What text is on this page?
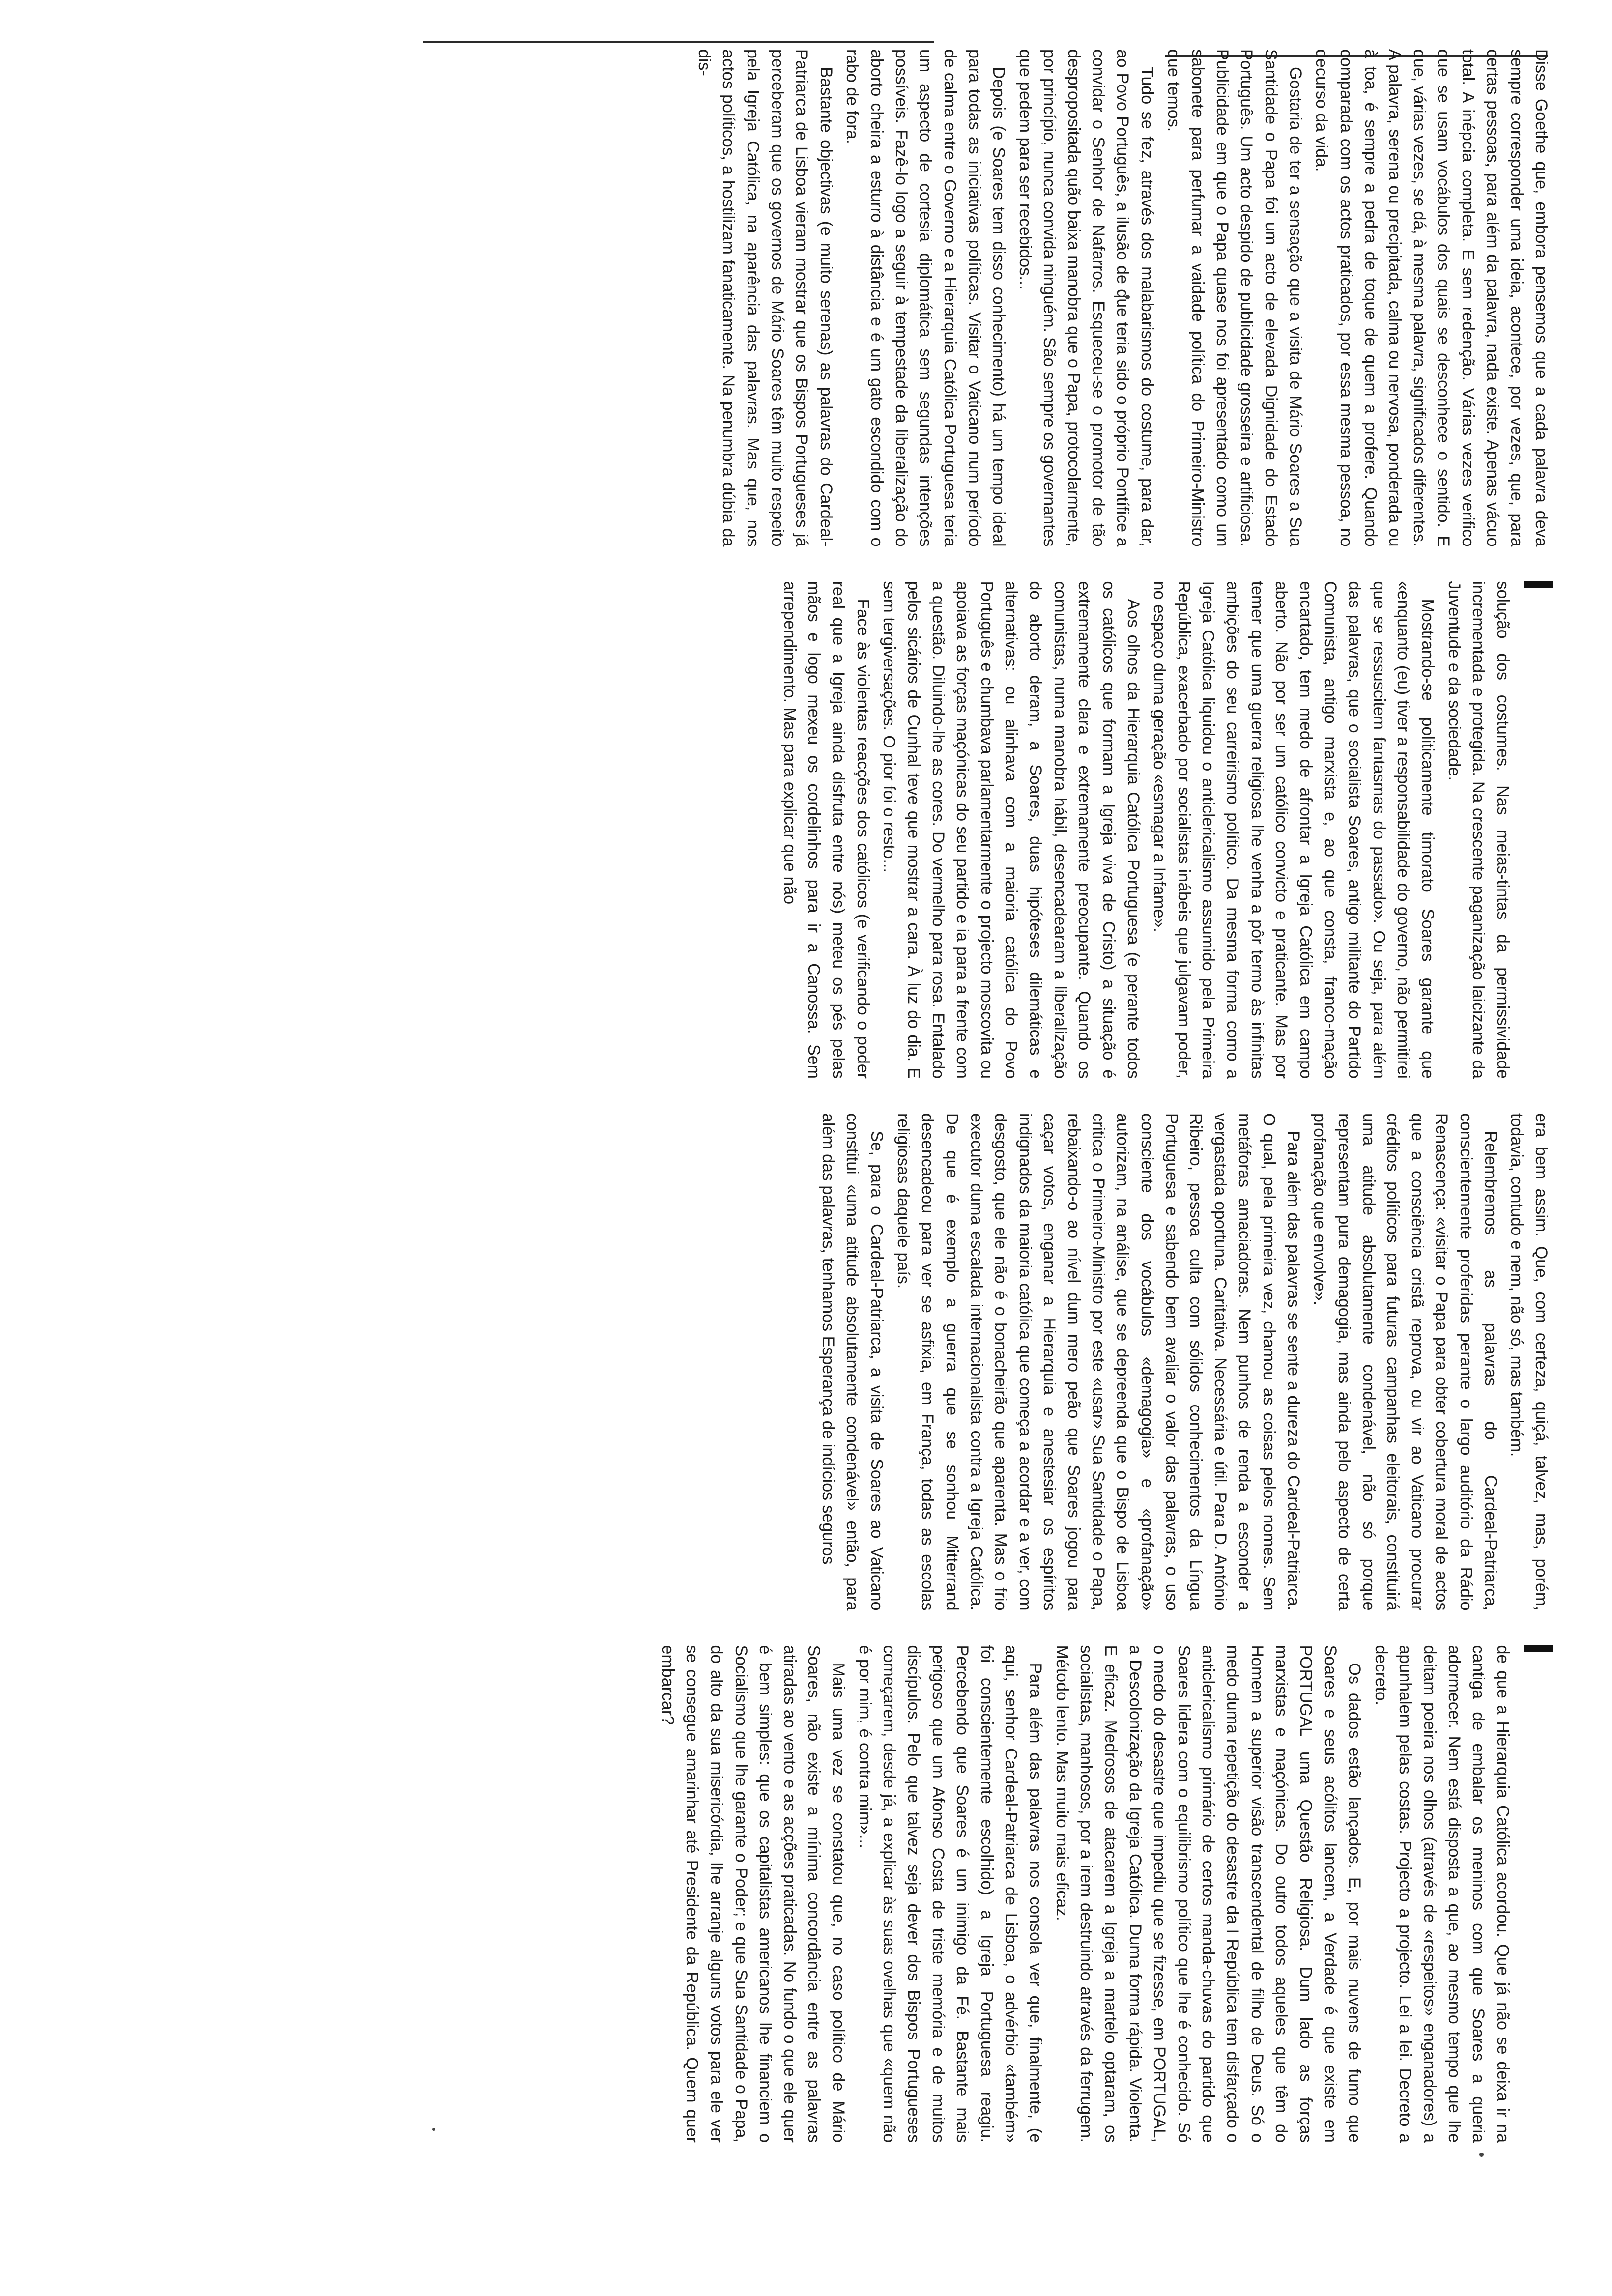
Disse Goethe que, embora pensemos que a cada palavra deva sempre corresponder uma ideia, acontece, por vezes, que, para certas pessoas, para além da palavra, nada existe. Apenas vácuo total. A inépcia completa. E sem redenção. Várias vezes verifico que se usam vocábulos dos quais se desconhece o sentido. E que, várias vezes, se dá, à mesma palavra, significados diferentes. A palavra, serena ou precipitada, calma ou nervosa, ponderada ou à toa, é sempre a pedra de toque de quem a profere. Quando comparada com os actos praticados, por essa mesma pessoa, no decurso da vida.

Gostaria de ter a sensação que a visita de Mário Soares a Sua Santidade o Papa foi um acto de elevada Dignidade do Estado Português. Um acto despido de publicidade grosseira e artificiosa. Publicidade em que o Papa quase nos foi apresentado como um sabonete para perfumar a vaidade política do Primeiro-Ministro que temos.

Tudo se fez, através dos malabarismos do costume, para dar, ao Povo Português, a ilusão de que teria sido o próprio Pontífice a convidar o Senhor de Nafarros. Esqueceu-se o promotor de tão despropositada quão baixa manobra que o Papa, protocolarmente, por princípio, nunca convida ninguém. São sempre os governantes que pedem para ser recebidos...

Depois (e Soares tem disso conhecimento) há um tempo ideal para todas as iniciativas políticas. Visitar o Vaticano num período de calma entre o Governo e a Hierarquia Católica Portuguesa teria um aspecto de cortesia diplomática sem segundas intenções possíveis. Fazê-lo logo a seguir à tempestade da liberalização do aborto cheira a esturro à distância e é um gato escondido com o rabo de fora.

Bastante objectivas (e muito serenas) as palavras do Cardeal-Patriarca de Lisboa vieram mostrar que os Bispos Portugueses já perceberam que os governos de Mário Soares têm muito respeito pela Igreja Católica, na aparência das palavras. Mas que, nos actos políticos, a hostilizam fanaticamente. Na penumbra dúbia da dis-

solução dos costumes. Nas meias-tintas da permissividade incrementada e protegida. Na crescente paganização laicizante da Juventude e da sociedade.

Mostrando-se politicamente timorato Soares garante que «enquanto (eu) tiver a responsabilidade do governo, não permitirei que se ressuscitem fantasmas do passado». Ou seja, para além das palavras, que o socialista Soares, antigo militante do Partido Comunista, antigo marxista e, ao que consta, franco-mação encartado, tem medo de afrontar a Igreja Católica em campo aberto. Não por ser um católico convicto e praticante. Mas por temer que uma guerra religiosa lhe venha a pôr termo às infinitas ambições do seu carreirismo político. Da mesma forma como a Igreja Católica liquidou o anticlericalismo assumido pela Primeira República, exacerbado por socialistas inábeis que julgavam poder, no espaço duma geração «esmagar a Infame».

Aos olhos da Hierarquia Católica Portuguesa (e perante todos os católicos que formam a Igreja viva de Cristo) a situação é extremamente clara e extremamente preocupante. Quando os comunistas, numa manobra hábil, desencadearam a liberalização do aborto deram, a Soares, duas hipóteses dilemáticas e alternativas: ou alinhava com a maioria católica do Povo Português e chumbava parlamentarmente o projecto moscovita ou apoiava as forças maçónicas do seu partido e ia para a frente com a questão. Diluindo-lhe as cores. Do vermelho para rosa. Entalado pelos sicários de Cunhal teve que mostrar a cara. À luz do dia. E sem tergiversações. O pior foi o resto...

Face às violentas reacções dos católicos (e verificando o poder real que a Igreja ainda disfruta entre nós) meteu os pés pelas mãos e logo mexeu os cordelinhos para ir a Canossa. Sem arrependimento. Mas para explicar que não

era bem assim. Que, com certeza, quiçá, talvez, mas, porém, todavia, contudo e nem, não só, mas também.

Relembremos as palavras do Cardeal-Patriarca, conscientemente proferidas perante o largo auditório da Rádio Renascença: «visitar o Papa para obter cobertura moral de actos que a consciência cristã reprova, ou vir ao Vaticano procurar créditos políticos para futuras campanhas eleitorais, constituirá uma atitude absolutamente condenável, não só porque representam pura demagogia, mas ainda pelo aspecto de certa profanação que envolve».

Para além das palavras se sente a dureza do Cardeal-Patriarca. O qual, pela primeira vez, chamou as coisas pelos nomes. Sem metáforas amaciadoras. Nem punhos de renda a esconder a vergastada oportuna. Caritativa. Necessária e útil. Para D. António Ribeiro, pessoa culta com sólidos conhecimentos da Língua Portuguesa e sabendo bem avaliar o valor das palavras, o uso consciente dos vocábulos «demagogia» e «profanação» autorizam, na análise, que se depreenda que o Bispo de Lisboa critica o Primeiro-Ministro por este «usar» Sua Santidade o Papa, rebaixando-o ao nível dum mero peão que Soares jogou para caçar votos, enganar a Hierarquia e anestesiar os espíritos indignados da maioria católica que começa a acordar e a ver, com desgosto, que ele não é o bonacheirão que aparenta. Mas o frio executor duma escalada internacionalista contra a Igreja Católica. De que é exemplo a guerra que se sonhou Mitterrand desencadeou para ver se asfixia, em França, todas as escolas religiosas daquele país.

Se, para o Cardeal-Patriarca, a visita de Soares ao Vaticano constitui «uma atitude absolutamente condenável» então, para além das palavras, tenhamos Esperança de indícios seguros

de que a Hierarquia Católica acordou. Que já não se deixa ir na cantiga de embalar os meninos com que Soares a queria adormecer. Nem está disposta a que, ao mesmo tempo que lhe deitam poeira nos olhos (através de «respeitos» enganadores) a apunhalem pelas costas. Projecto a projecto. Lei a lei. Decreto a decreto.

Os dados estão lançados. E, por mais nuvens de fumo que Soares e seus acólitos lancem, a Verdade é que existe em PORTUGAL uma Questão Religiosa. Dum lado as forças marxistas e maçónicas. Do outro todos aqueles que têm do Homem a superior visão transcendental de filho de Deus. Só o medo duma repetição do desastre da I República tem disfarçado o anticlericalismo primário de certos manda-chuvas do partido que Soares lidera com o equilibrismo político que lhe é conhecido. Só o medo do desastre que impediu que se fizesse, em PORTUGAL, a Descolonização da Igreja Católica. Duma forma rápida. Violenta. E eficaz. Medrosos de atacarem a Igreja a martelo optaram, os socialistas, manhosos, por a irem destruindo através da ferrugem. Método lento. Mas muito mais eficaz.

Para além das palavras nos consola ver que, finalmente, (e aqui, senhor Cardeal-Patriarca de Lisboa, o advérbio «também» foi conscientemente escolhido) a Igreja Portuguesa reagiu. Percebendo que Soares é um inimigo da Fé. Bastante mais perigoso que um Afonso Costa de triste memória e de muitos discípulos. Pelo que talvez seja dever dos Bispos Portugueses começarem, desde já, a explicar às suas ovelhas que «quem não é por mim, é contra mim»...

Mais uma vez se constatou que, no caso político de Mário Soares, não existe a mínima concordância entre as palavras atiradas ao vento e as acções praticadas. No fundo o que ele quer é bem simples: que os capitalistas americanos lhe financiem o Socialismo que lhe garante o Poder; e que Sua Santidade o Papa, do alto da sua misericórdia, lhe arranje alguns votos para ele ver se consegue amarinhar até Presidente da República. Quem quer embarcar?
